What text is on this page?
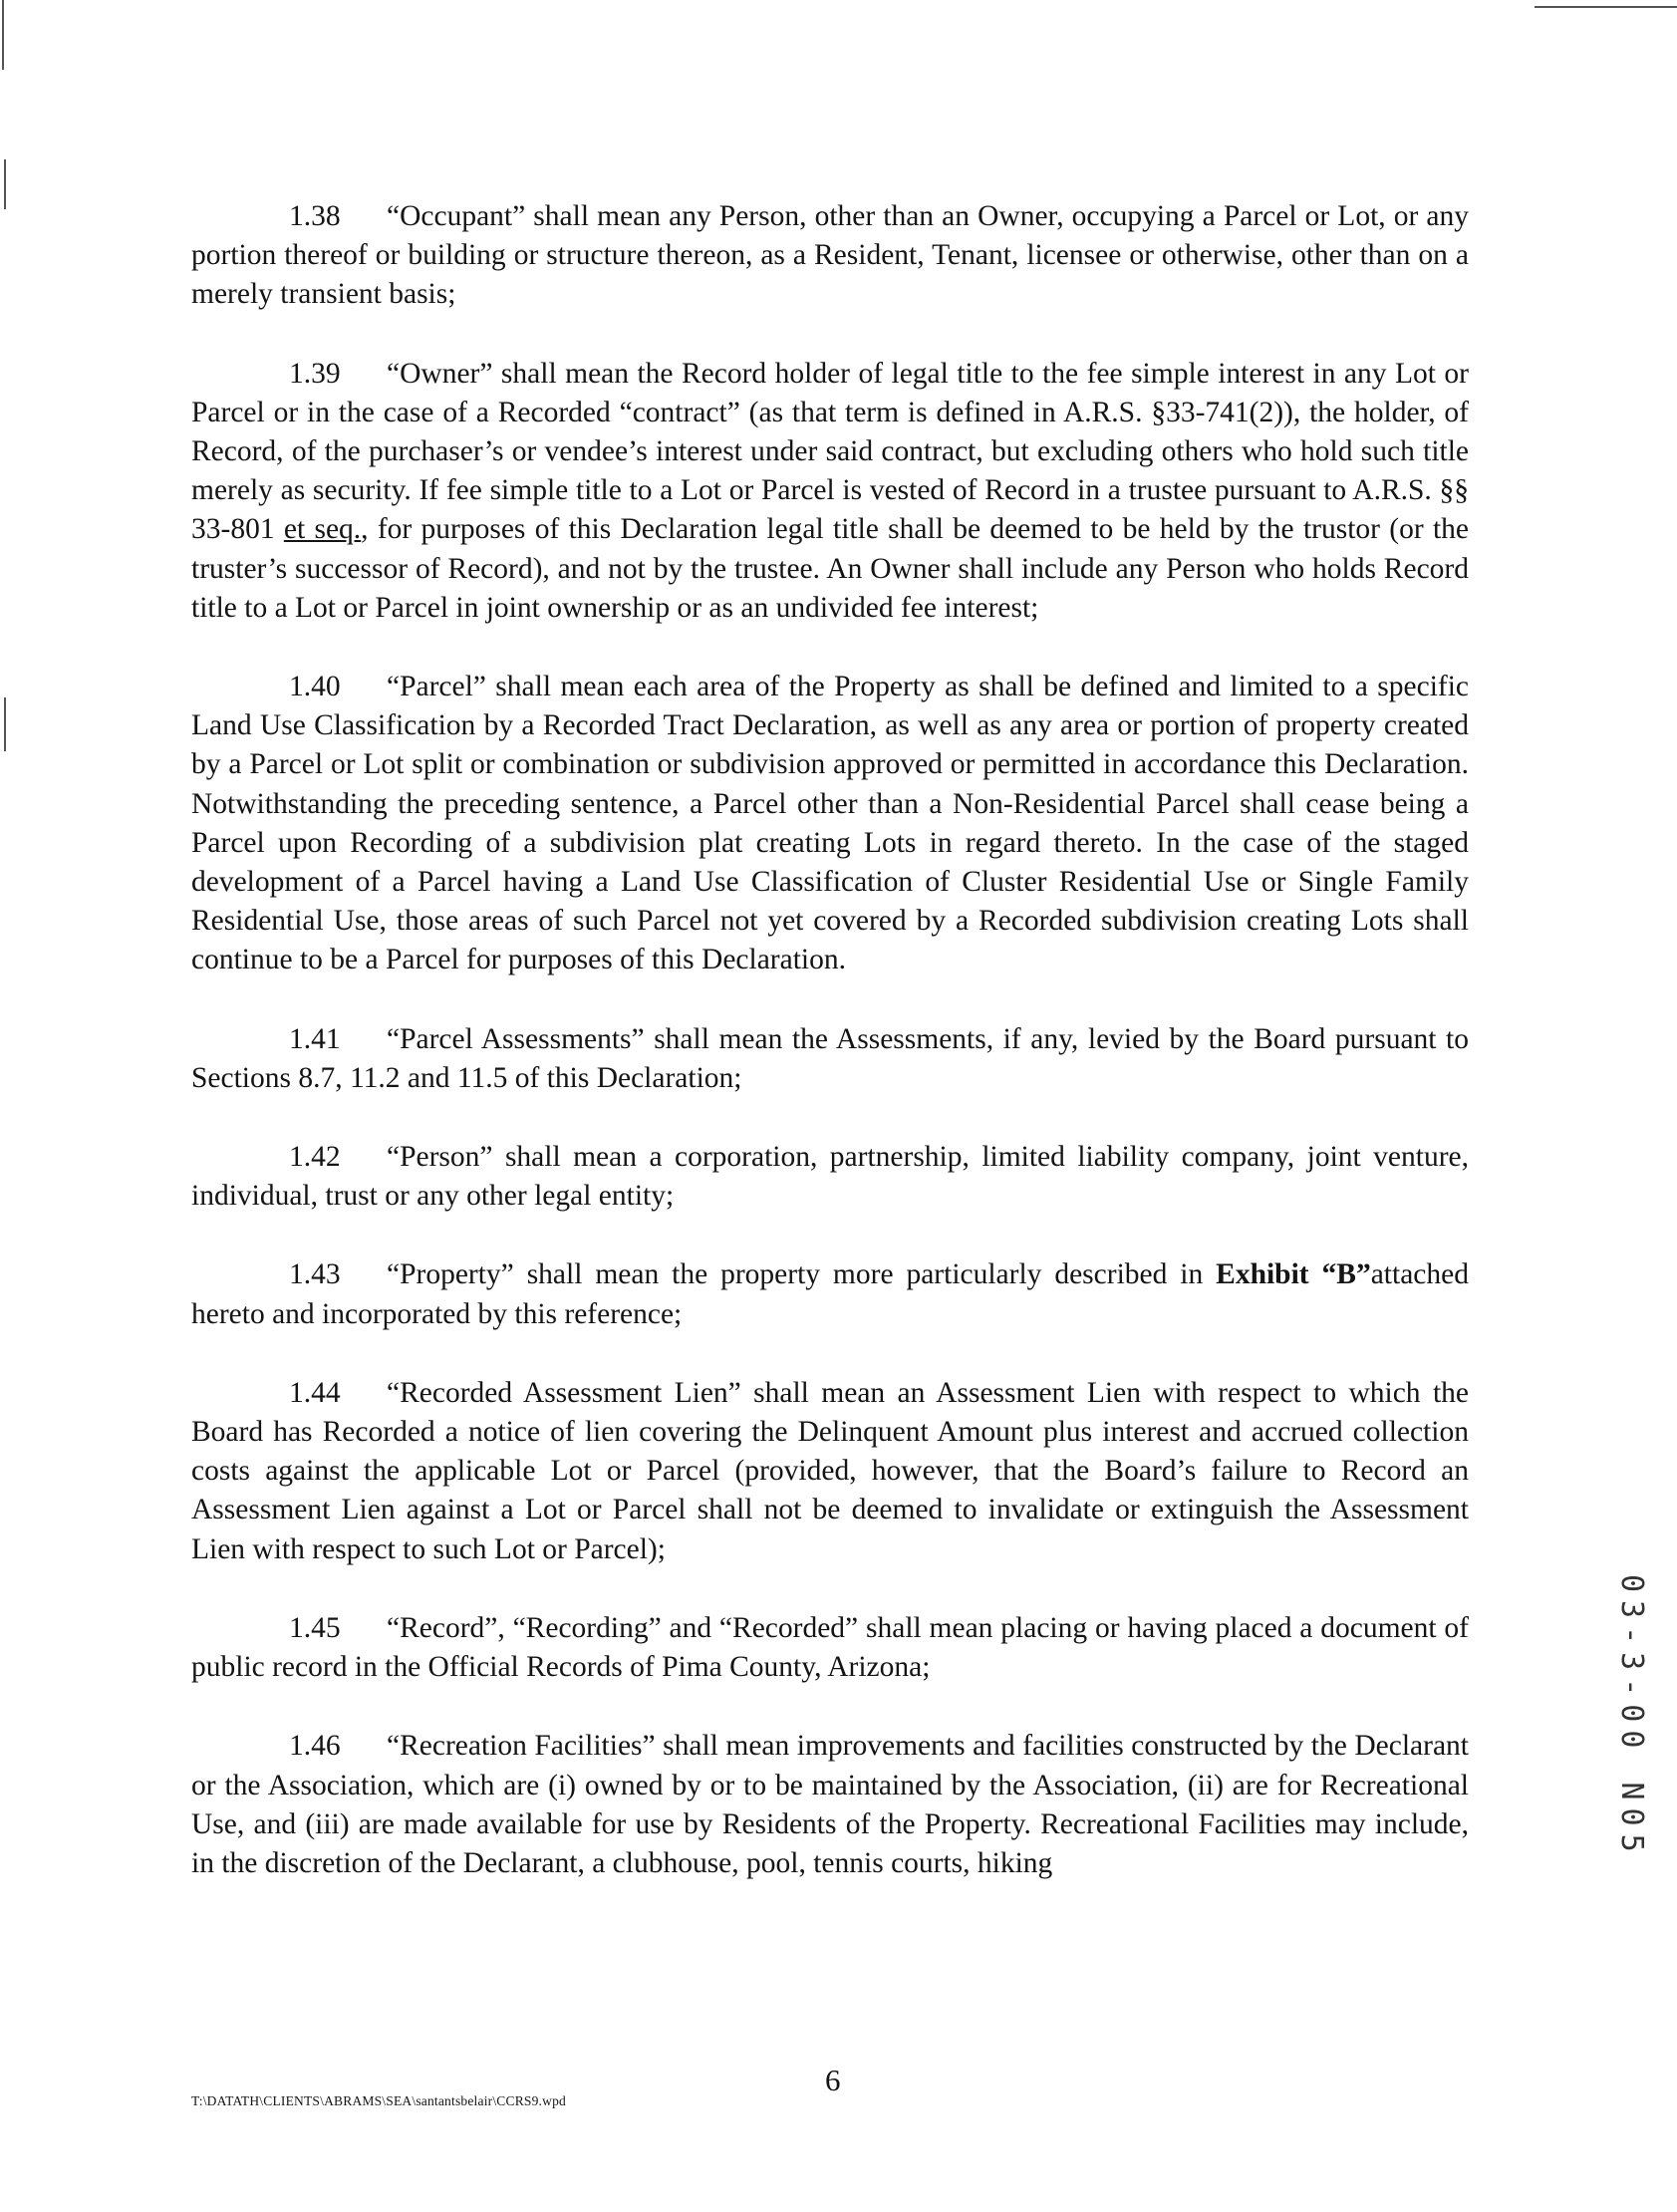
1.38 “Occupant” shall mean any Person, other than an Owner, occupying a Parcel or Lot, or any portion thereof or building or structure thereon, as a Resident, Tenant, licensee or otherwise, other than on a merely transient basis;

1.39 “Owner” shall mean the Record holder of legal title to the fee simple interest in any Lot or Parcel or in the case of a Recorded “contract” (as that term is defined in A.R.S. §33-741(2)), the holder, of Record, of the purchaser’s or vendee’s interest under said contract, but excluding others who hold such title merely as security. If fee simple title to a Lot or Parcel is vested of Record in a trustee pursuant to A.R.S. §§ 33-801 et seq., for purposes of this Declaration legal title shall be deemed to be held by the trustor (or the truster’s successor of Record), and not by the trustee. An Owner shall include any Person who holds Record title to a Lot or Parcel in joint ownership or as an undivided fee interest;

1.40 “Parcel” shall mean each area of the Property as shall be defined and limited to a specific Land Use Classification by a Recorded Tract Declaration, as well as any area or portion of property created by a Parcel or Lot split or combination or subdivision approved or permitted in accordance this Declaration. Notwithstanding the preceding sentence, a Parcel other than a Non-Residential Parcel shall cease being a Parcel upon Recording of a subdivision plat creating Lots in regard thereto. In the case of the staged development of a Parcel having a Land Use Classification of Cluster Residential Use or Single Family Residential Use, those areas of such Parcel not yet covered by a Recorded subdivision creating Lots shall continue to be a Parcel for purposes of this Declaration.

1.41 “Parcel Assessments” shall mean the Assessments, if any, levied by the Board pursuant to Sections 8.7, 11.2 and 11.5 of this Declaration;

1.42 “Person” shall mean a corporation, partnership, limited liability company, joint venture, individual, trust or any other legal entity;

1.43 “Property” shall mean the property more particularly described in Exhibit “B”attached hereto and incorporated by this reference;

1.44 “Recorded Assessment Lien” shall mean an Assessment Lien with respect to which the Board has Recorded a notice of lien covering the Delinquent Amount plus interest and accrued collection costs against the applicable Lot or Parcel (provided, however, that the Board’s failure to Record an Assessment Lien against a Lot or Parcel shall not be deemed to invalidate or extinguish the Assessment Lien with respect to such Lot or Parcel);

1.45 “Record”, “Recording” and “Recorded” shall mean placing or having placed a document of public record in the Official Records of Pima County, Arizona;

1.46 “Recreation Facilities” shall mean improvements and facilities constructed by the Declarant or the Association, which are (i) owned by or to be maintained by the Association, (ii) are for Recreational Use, and (iii) are made available for use by Residents of the Property. Recreational Facilities may include, in the discretion of the Declarant, a clubhouse, pool, tennis courts, hiking

6
T:\DATATH\CLIENTS\ABRAMS\SEA\santantsbelair\CCRS9.wpd
03-3-00 N05
